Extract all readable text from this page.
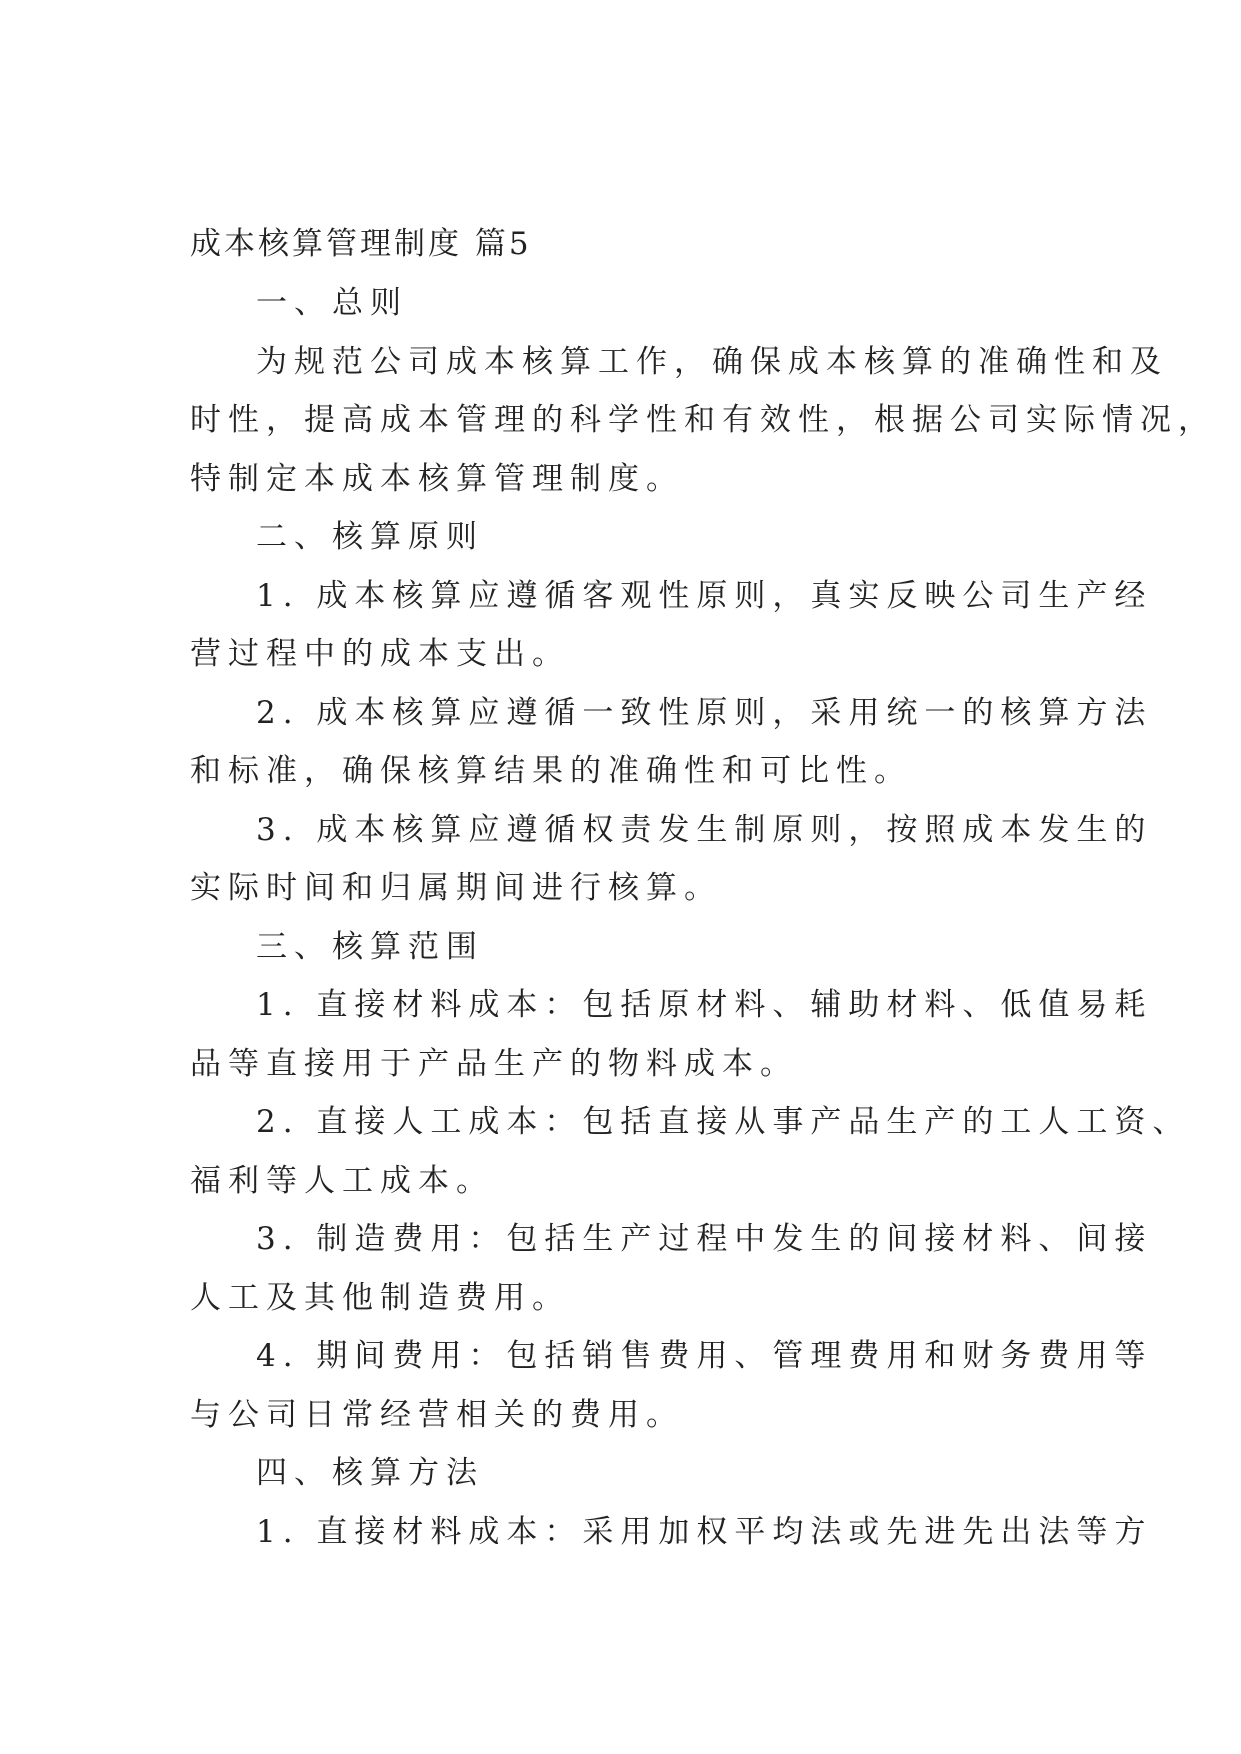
成本核算管理制度 篇5
一、总则
为规范公司成本核算工作，确保成本核算的准确性和及
时性，提高成本管理的科学性和有效性，根据公司实际情况，
特制定本成本核算管理制度。
二、核算原则
1. 成本核算应遵循客观性原则，真实反映公司生产经
营过程中的成本支出。
2. 成本核算应遵循一致性原则，采用统一的核算方法
和标准，确保核算结果的准确性和可比性。
3. 成本核算应遵循权责发生制原则，按照成本发生的
实际时间和归属期间进行核算。
三、核算范围
1. 直接材料成本：包括原材料、辅助材料、低值易耗
品等直接用于产品生产的物料成本。
2. 直接人工成本：包括直接从事产品生产的工人工资、
福利等人工成本。
3. 制造费用：包括生产过程中发生的间接材料、间接
人工及其他制造费用。
4. 期间费用：包括销售费用、管理费用和财务费用等
与公司日常经营相关的费用。
四、核算方法
1. 直接材料成本：采用加权平均法或先进先出法等方
